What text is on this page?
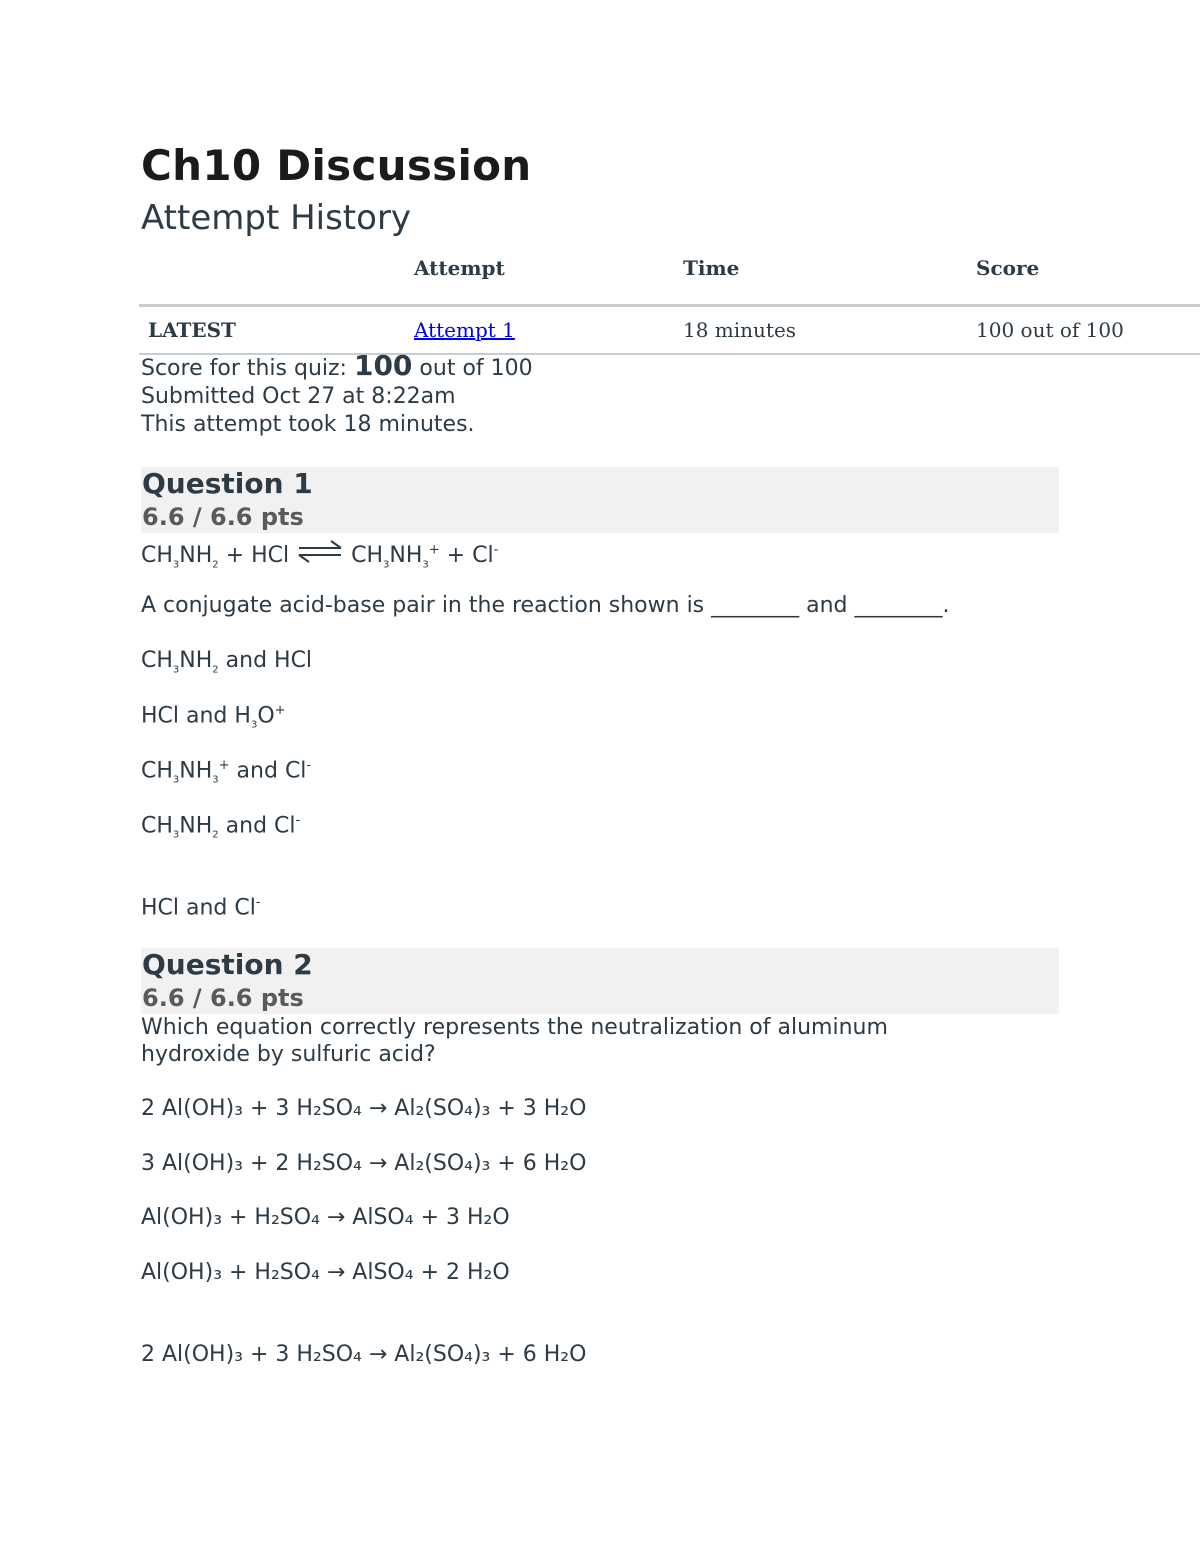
Ch10 Discussion
Attempt History
	Attempt	Time	Score
LATEST	Attempt 1	18 minutes	100 out of 100
Score for this quiz: 100 out of 100
Submitted Oct 27 at 8:22am
This attempt took 18 minutes.
Question 1
6.6 / 6.6 pts
$CH_3NH_2$ + HCl ⇌ $CH_3NH_3^+ + Cl^-$
A conjugate acid-base pair in the reaction shown is ________ and ________.
$CH_3NH_2$ and HCl
HCl and $H_3O^+$
$CH_3NH_3^+$ and Cl-
$CH_3NH_2$ and Cl-
HCl and Cl-
Question 2
6.6 / 6.6 pts
Which equation correctly represents the neutralization of aluminum hydroxide by sulfuric acid?
2 Al(OH)₃ + 3 H₂SO₄ → Al₂(SO₄)₃ + 3 H₂O
3 Al(OH)₃ + 2 H₂SO₄ → Al₂(SO₄)₃ + 6 H₂O
Al(OH)₃ + H₂SO₄ → AlSO₄ + 3 H₂O
Al(OH)₃ + H₂SO₄ → AlSO₄ + 2 H₂O
2 Al(OH)₃ + 3 H₂SO₄ → Al₂(SO₄)₃ + 6 H₂O
